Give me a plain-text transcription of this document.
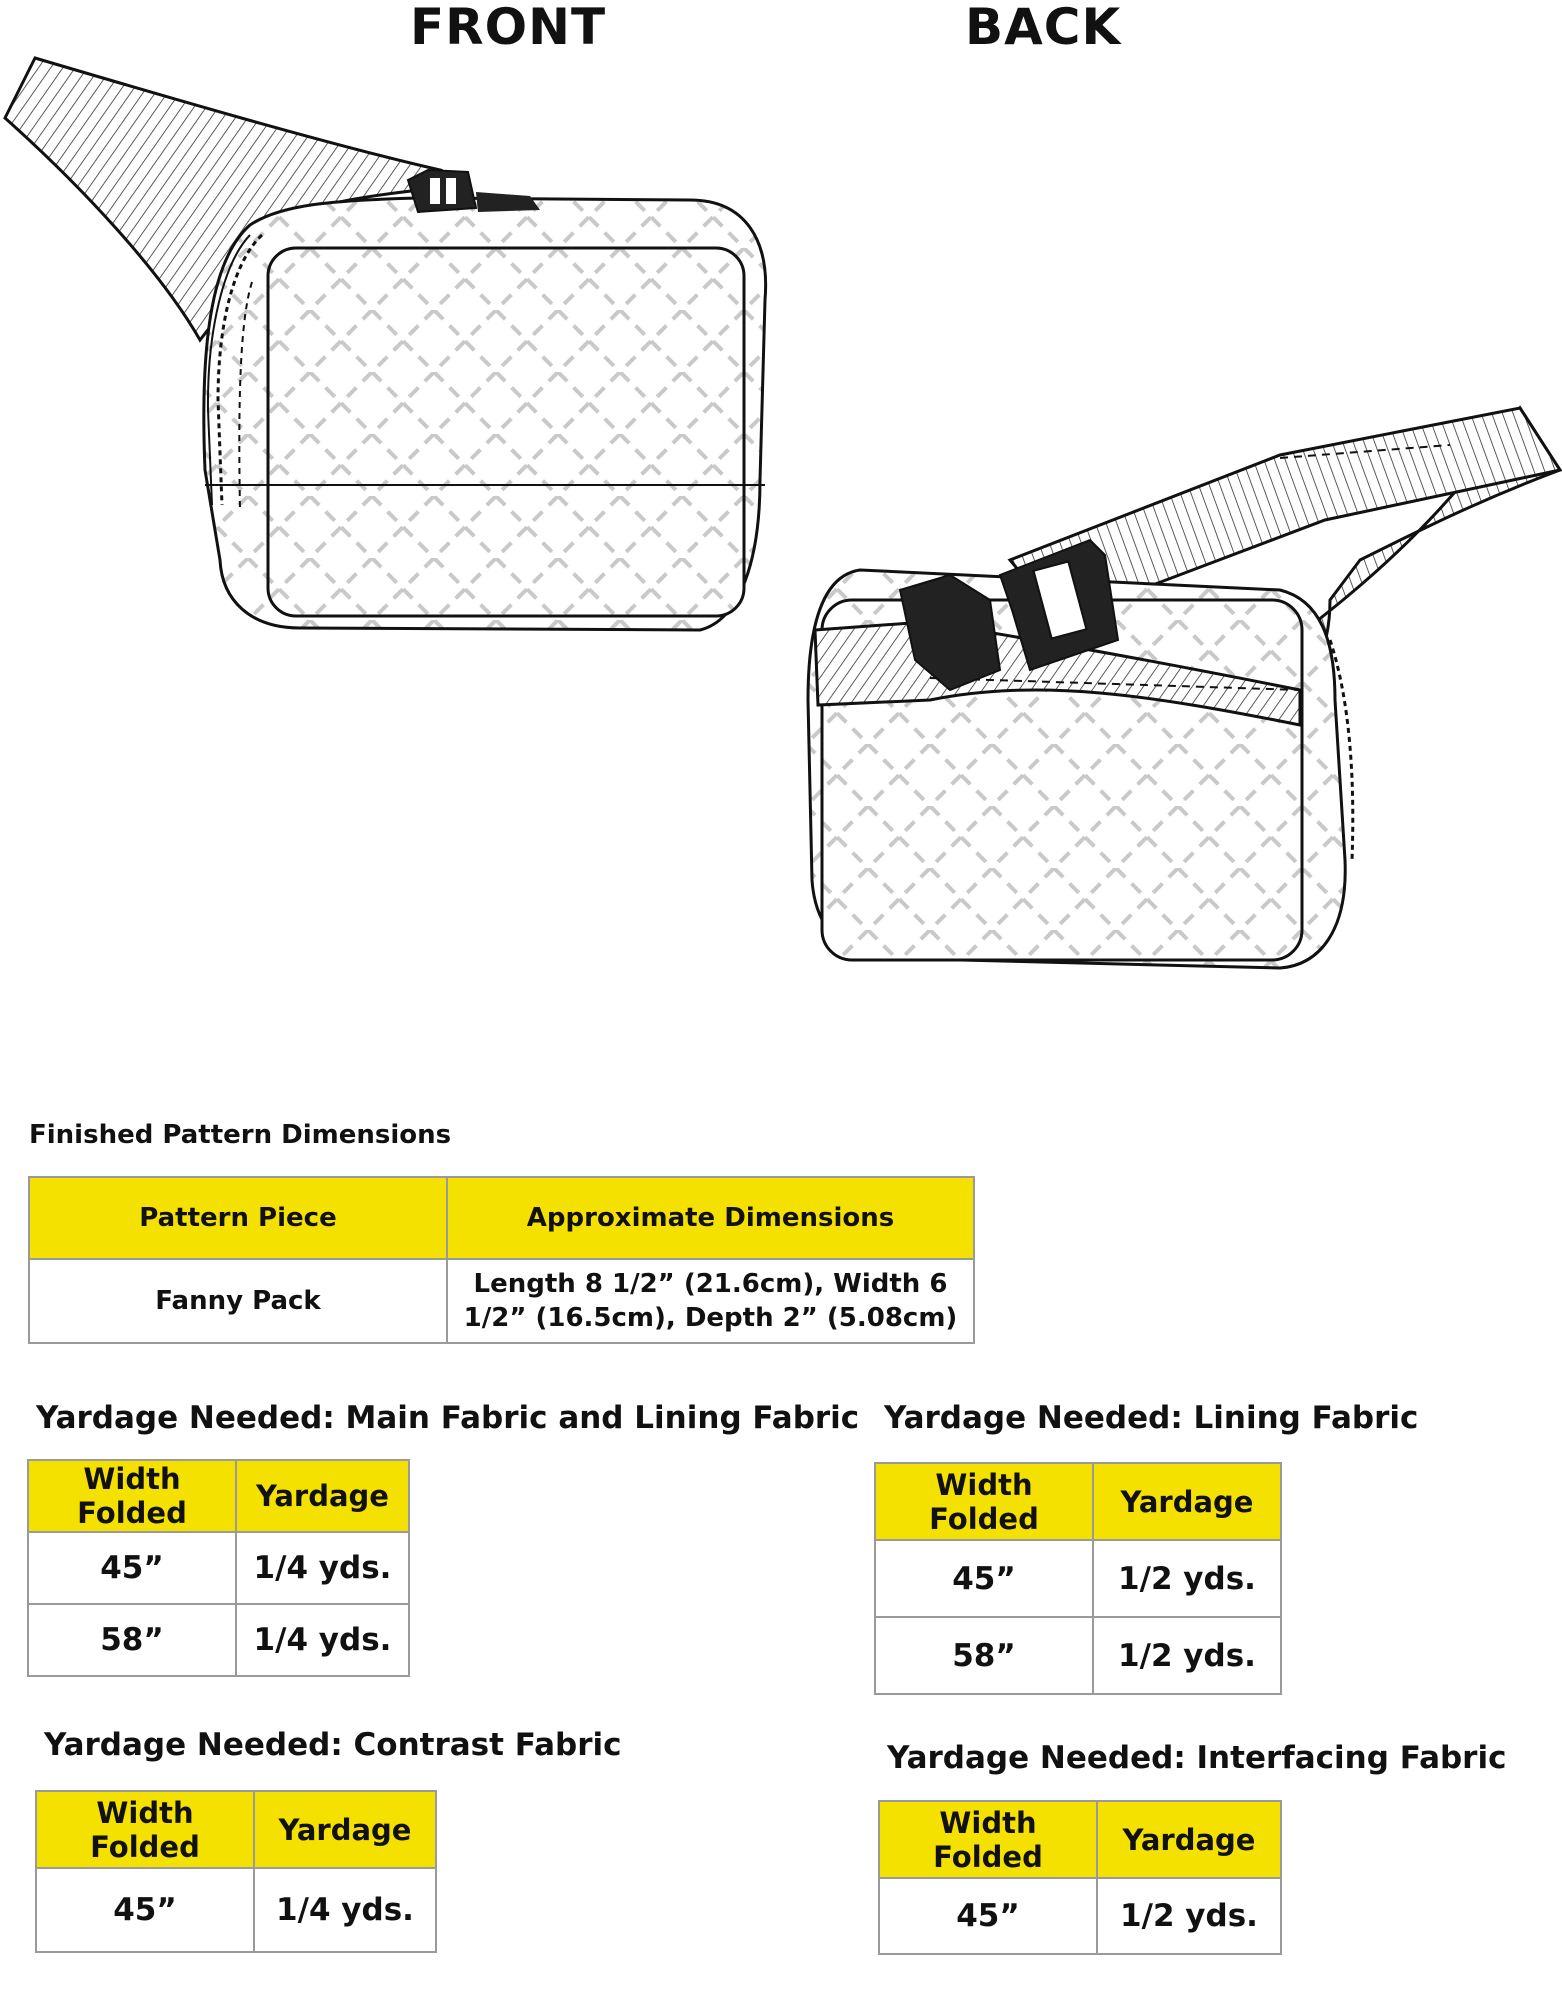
FRONT	BACK
Finished Pattern Dimensions
Pattern Piece	Approximate Dimensions
Fanny Pack	Length 8 1/2” (21.6cm), Width 6
1/2” (16.5cm), Depth 2” (5.08cm)
Yardage Needed: Main Fabric and Lining Fabric
Width
Folded	Yardage
45”	1/4 yds.
58”	1/4 yds.
Yardage Needed: Lining Fabric
Width
Folded	Yardage
45”	1/2 yds.
58”	1/2 yds.
Yardage Needed: Contrast Fabric
Width
Folded	Yardage
45”	1/4 yds.
Yardage Needed: Interfacing Fabric
Width
Folded	Yardage
45”	1/2 yds.
